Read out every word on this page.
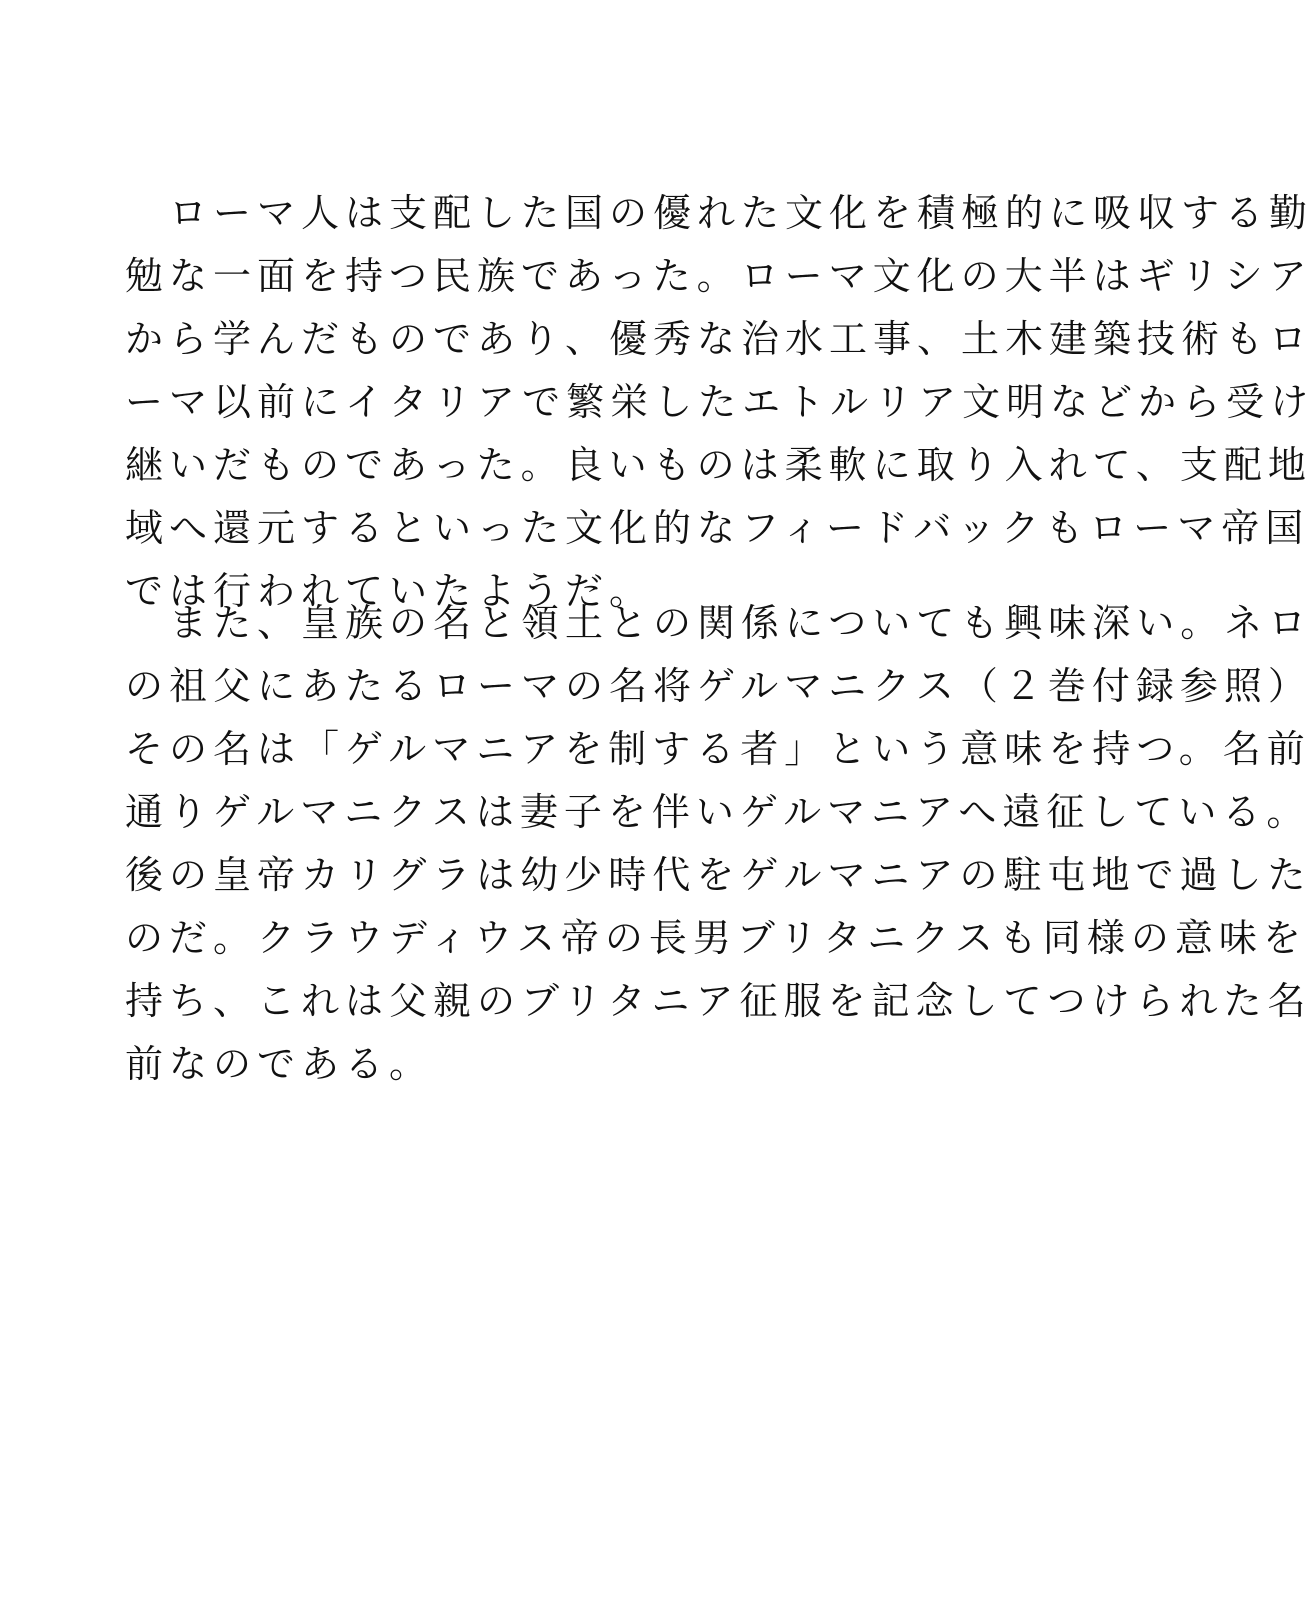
　ローマ人は支配した国の優れた文化を積極的に吸収する勤
勉な一面を持つ民族であった。ローマ文化の大半はギリシア
から学んだものであり、優秀な治水工事、土木建築技術もロ
ーマ以前にイタリアで繁栄したエトルリア文明などから受け
継いだものであった。良いものは柔軟に取り入れて、支配地
域へ還元するといった文化的なフィードバックもローマ帝国
では行われていたようだ。
　また、皇族の名と領土との関係についても興味深い。ネロ
の祖父にあたるローマの名将ゲルマニクス（２巻付録参照）
その名は「ゲルマニアを制する者」という意味を持つ。名前
通りゲルマニクスは妻子を伴いゲルマニアへ遠征している。
後の皇帝カリグラは幼少時代をゲルマニアの駐屯地で過した
のだ。クラウディウス帝の長男ブリタニクスも同様の意味を
持ち、これは父親のブリタニア征服を記念してつけられた名
前なのである。
